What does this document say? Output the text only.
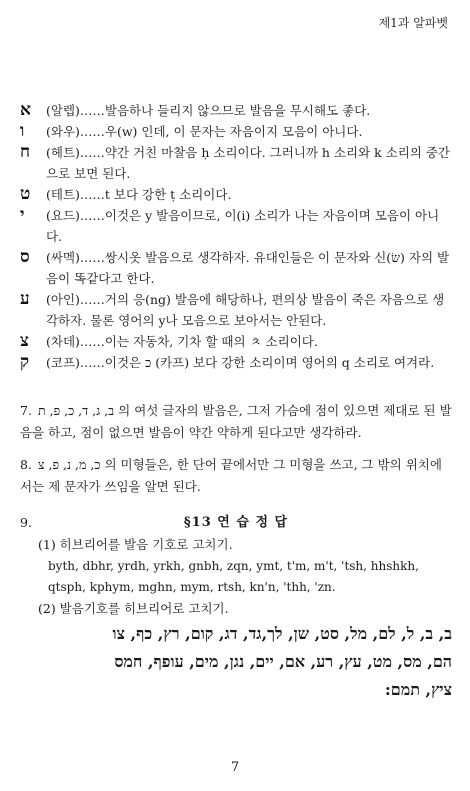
제1과 알파벳
א	(알렙)……발음하나 들리지 않으므로 발음을 무시해도 좋다.
ו	(와우)……우(w) 인데, 이 문자는 자음이지 모음이 아니다.
ח	(헤트)……약간 거친 마찰음 ḥ 소리이다. 그러니까 h 소리와 k 소리의 중간으로 보면 된다.
ט	(테트)……t 보다 강한 ṭ 소리이다.
י	(요드)……이것은 y 발음이므로, 이(i) 소리가 나는 자음이며 모음이 아니다.
ס	(싸멕)……쌍시옷 발음으로 생각하자. 유대인들은 이 문자와 신(שׂ) 자의 발음이 똑같다고 한다.
ע	(아인)……거의 응(ng) 발음에 해당하나, 편의상 발음이 죽은 자음으로 생각하자. 물론 영어의 y나 모음으로 보아서는 안된다.
צ	(차데)……이는 자동차, 기차 할 때의 ㅊ 소리이다.
ק	(코프)……이것은 כ (카프) 보다 강한 소리이며 영어의 q 소리로 여겨라.
7. ב, ג, ד, כ, פ, ת 의 여섯 글자의 발음은, 그저 가슴에 점이 있으면 제대로 된 발음을 하고, 점이 없으면 발음이 약간 약하게 된다고만 생각하라.
8. כ, מ, נ, פ, צ 의 미형들은, 한 단어 끝에서만 그 미형을 쓰고, 그 밖의 위치에서는 제 문자가 쓰임을 알면 된다.
9.	§13 연 습 정 답
(1) 히브리어를 발음 기호로 고치기.
byth, dbhr, yrdh, yrkh, gnbh, zqn, ymt, t'm, m't, 'tsh, hhshkh,
qtsph, kphym, mghn, mym, rtsh, kn'n, 'thh, 'zn.
(2) 발음기호를 히브리어로 고치기.
ב, ב, ל, לם, מל, סט, שן, לך,גד, דג, קום, רץ, כף, צו
הם, מס, מט, עץ, רע, אם, יים, נגן, מים, עופף, חמס
ציץ, תמם:
7
